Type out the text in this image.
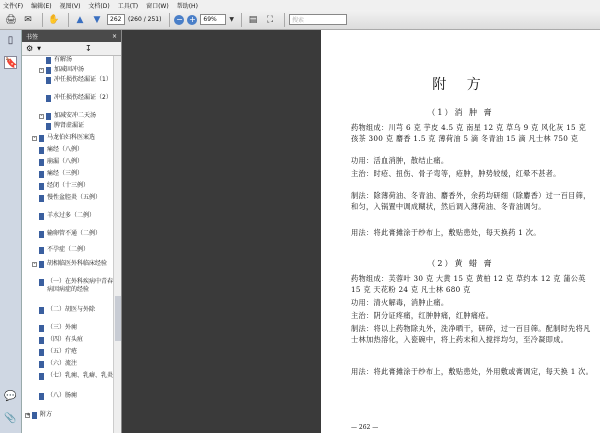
文件(F) 编辑(E) 视图(V) 文档(D) 工具(T) 窗口(W) 帮助(H)
🖨 ✉	✋	▲	▼	262	(260 / 251) − +	69%	▼	▤	⛶	搜索
▯
🔖
💬
📎
书签	×
⚙ ▼	↧
有解汤
- 加减固冲汤
冲任损伤经漏证（1）
冲任损伤经漏证（2）
- 加减安冲二天汤
脾肾虚漏证
- 马龙伯妇科医案选
痛经（八例）
崩漏（八例）
痛经（三例）
经闭（十三例）
慢性盆腔炎（五例）
羊水过多（二例）
输卵管不通（二例）
不孕症（二例）
- 胡相临医外科临床经验
（一）在外科疾病中青春病因病症的经验
（二）胡医与外除
（三）外痈
（四）有头疽
（五）疔疮
（六）流注
（七）乳痈、乳癖、乳炎
（八）肠痈
+ 附方
附 方
（1）消 肿 膏
药物组成：川芎 6 克 芋皮 4.5 克 南星 12 克 草乌 9 克 风化灰 15 克 孩茶 300 克 麝香 1.5 克 薄荷油 5 滴 冬青油 15 滴 凡士林 750 克
功用：活血消肿，散结止痛。
主治：时疮、扭伤、骨子弯等，疮肿，肿势较缓，红晕不甚者。
制法：除薄荷油、冬青油、麝香外，余药均研细（除麝香）过一百目筛，和匀，入锅置中调成糊状，然后调入薄荷油、冬青油调匀。
用法：将此膏摊涂于纱布上，敷贴患处，每天换药 1 次。
（2）黄 蜡 膏
药物组成：芙蓉叶 30 克 大黄 15 克 黄柏 12 克 草约本 12 克 蒲公英 15 克 天花粉 24 克 凡士林 680 克
功用：清火解毒，消肿止痛。
主治：阴分证疼痛，红肿肿痛，红肿痛疮。
制法：将以上药物除丸外，洗净晒干，研碎，过一百目筛。配制时先将凡士林加热溶化，入瓷碗中，将上药末和入搅拌均匀，至冷凝即成。
用法：将此膏摊涂于纱布上，敷贴患处，外用敷或膏调定，每天换 1 次。
— 262 —
